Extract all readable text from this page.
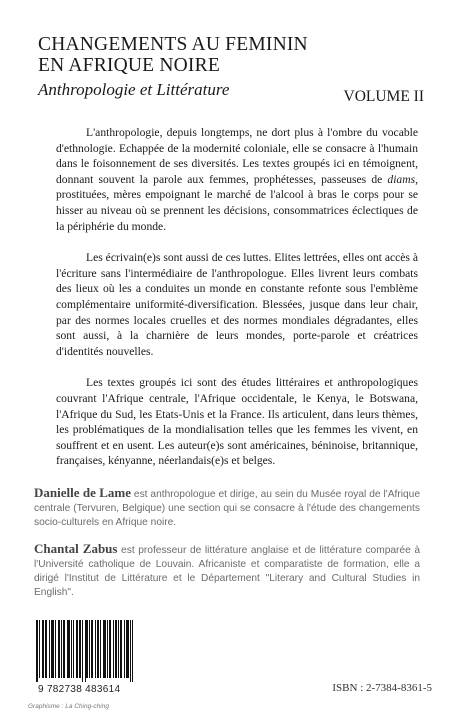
CHANGEMENTS AU FEMININ
EN AFRIQUE NOIRE
Anthropologie et Littérature	VOLUME II

L'anthropologie, depuis longtemps, ne dort plus à l'ombre du vocable d'ethnologie. Echappée de la modernité coloniale, elle se consacre à l'humain dans le foisonnement de ses diversités. Les textes groupés ici en témoignent, donnant souvent la parole aux femmes, prophétesses, passeuses de diams, prostituées, mères empoignant le marché de l'alcool à bras le corps pour se hisser au niveau où se prennent les décisions, consommatrices éclectiques de la périphérie du monde.

Les écrivain(e)s sont aussi de ces luttes. Elites lettrées, elles ont accès à l'écriture sans l'intermédiaire de l'anthropologue. Elles livrent leurs combats des lieux où les a conduites un monde en constante refonte sous l'emblème complémentaire uniformité-diversification. Blessées, jusque dans leur chair, par des normes locales cruelles et des normes mondiales dégradantes, elles sont aussi, à la charnière de leurs mondes, porte-parole et créatrices d'identités nouvelles.

Les textes groupés ici sont des études littéraires et anthropologiques couvrant l'Afrique centrale, l'Afrique occidentale, le Kenya, le Botswana, l'Afrique du Sud, les Etats-Unis et la France. Ils articulent, dans leurs thèmes, les problématiques de la mondialisation telles que les femmes les vivent, en souffrent et en usent. Les auteur(e)s sont américaines, béninoise, britannique, françaises, kényanne, néerlandais(e)s et belges.

Danielle de Lame est anthropologue et dirige, au sein du Musée royal de l'Afrique centrale (Tervuren, Belgique) une section qui se consacre à l'étude des changements socio-culturels en Afrique noire.

Chantal Zabus est professeur de littérature anglaise et de littérature comparée à l'Université catholique de Louvain. Africaniste et comparatiste de formation, elle a dirigé l'Institut de Littérature et le Département "Literary and Cultural Studies in English".

9 782738 483614
Graphisme : La Ching-ching
ISBN : 2-7384-8361-5
